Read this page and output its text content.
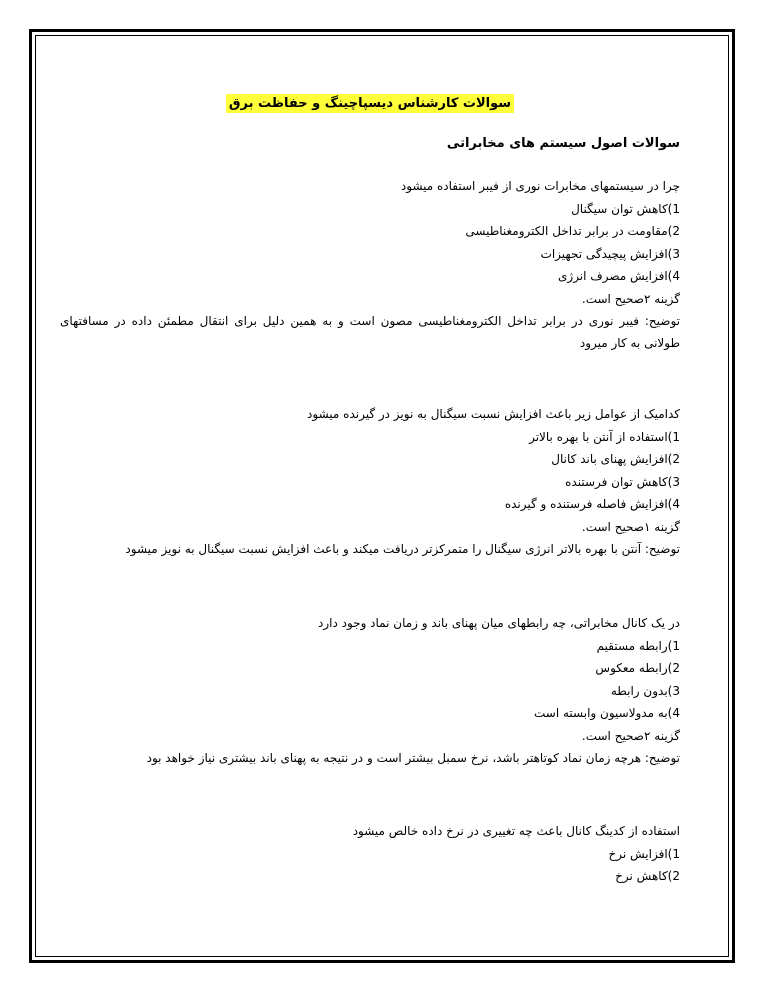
سوالات کارشناس دیسپاچینگ و حفاظت برق
سوالات اصول سیستم های مخابراتی
چرا در سیستمهای مخابرات نوری از فیبر استفاده میشود
1)کاهش توان سیگنال
2)مقاومت در برابر تداخل الکترومغناطیسی
3)افزایش پیچیدگی تجهیزات
4)افزایش مصرف انرژی
گزینه ۲صحیح است.
توضیح: فیبر نوری در برابر تداخل الکترومغناطیسی مصون است و به همین دلیل برای انتقال مطمئن داده در مسافتهای طولانی به کار میرود
کدامیک از عوامل زیر باعث افزایش نسبت سیگنال به نویز در گیرنده میشود
1)استفاده از آنتن با بهره بالاتر
2)افزایش پهنای باند کانال
3)کاهش توان فرستنده
4)افزایش فاصله فرستنده و گیرنده
گزینه ۱صحیح است.
توضیح: آنتن با بهره بالاتر انرژی سیگنال را متمرکزتر دریافت میکند و باعث افزایش نسبت سیگنال به نویز میشود
در یک کانال مخابراتی، چه رابطهای میان پهنای باند و زمان نماد وجود دارد
1)رابطه مستقیم
2)رابطه معکوس
3)بدون رابطه
4)به مدولاسیون وابسته است
گزینه ۲صحیح است.
توضیح: هرچه زمان نماد کوتاهتر باشد، نرخ سمبل بیشتر است و در نتیجه به پهنای باند بیشتری نیاز خواهد بود
استفاده از کدینگ کانال باعث چه تغییری در نرخ داده خالص میشود
1)افزایش نرخ
2)کاهش نرخ
